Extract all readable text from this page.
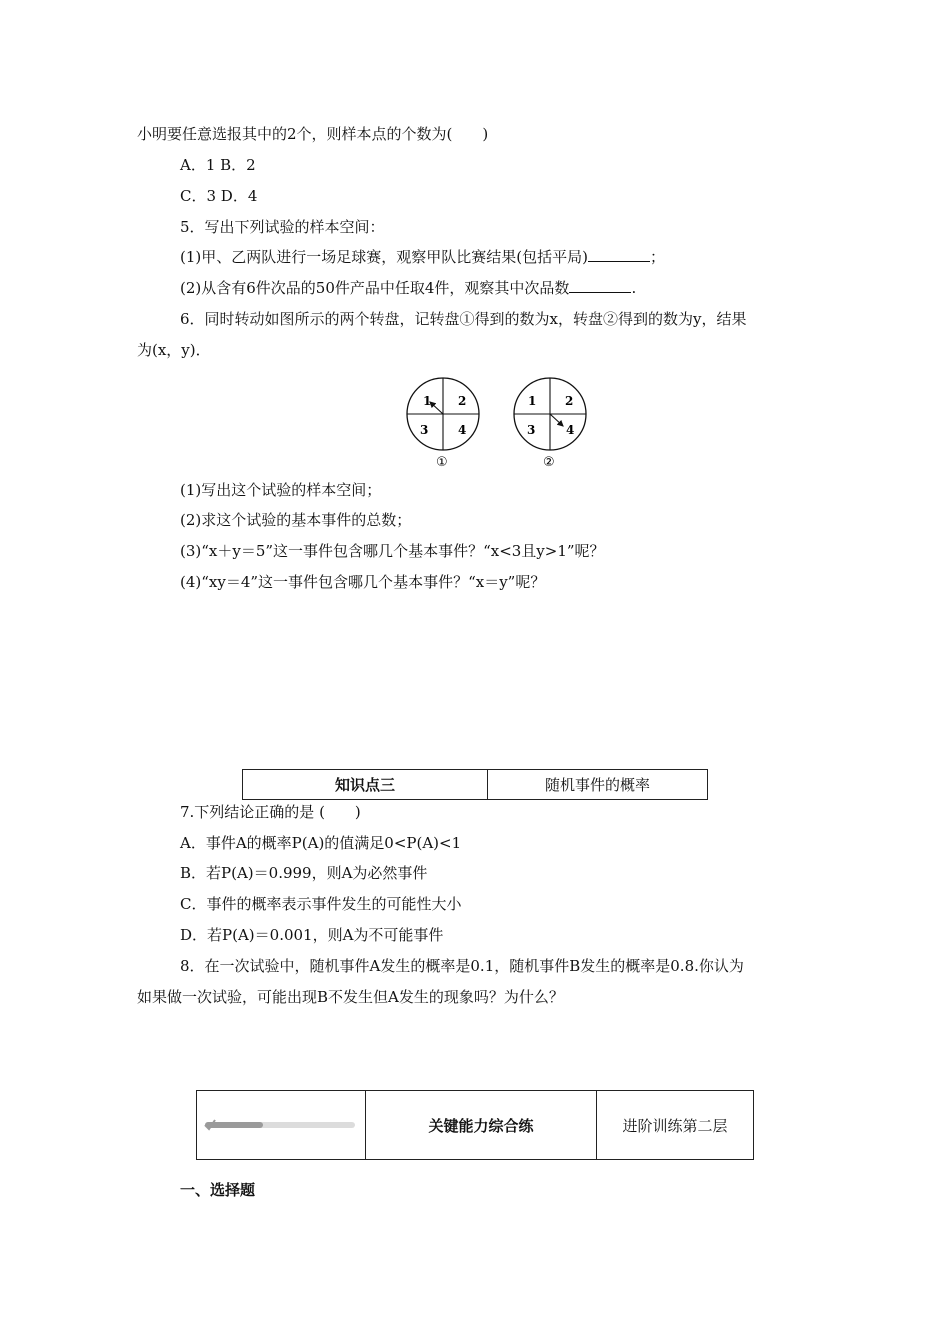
小明要任意选报其中的2个，则样本点的个数为(　　)
A．1 B．2
C．3 D．4
5．写出下列试验的样本空间：
(1)甲、乙两队进行一场足球赛，观察甲队比赛结果(包括平局)	；
(2)从含有6件次品的50件产品中任取4件，观察其中次品数	.
6．同时转动如图所示的两个转盘，记转盘①得到的数为x，转盘②得到的数为y，结果
为(x，y)．
1 2
3 4
①
1 2
3	4
②
(1)写出这个试验的样本空间；
(2)求这个试验的基本事件的总数；
(3)“x＋y＝5”这一事件包含哪几个基本事件？“x<3且y>1”呢？
(4)“xy＝4”这一事件包含哪几个基本事件？“x＝y”呢？
知识点三	随机事件的概率
7.下列结论正确的是 (　　)
A．事件A的概率P(A)的值满足0<P(A)<1
B．若P(A)＝0.999，则A为必然事件
C．事件的概率表示事件发生的可能性大小
D．若P(A)＝0.001，则A为不可能事件
8．在一次试验中，随机事件A发生的概率是0.1，随机事件B发生的概率是0.8.你认为
如果做一次试验，可能出现B不发生但A发生的现象吗？为什么？
	关键能力综合练	进阶训练第二层
一、选择题
